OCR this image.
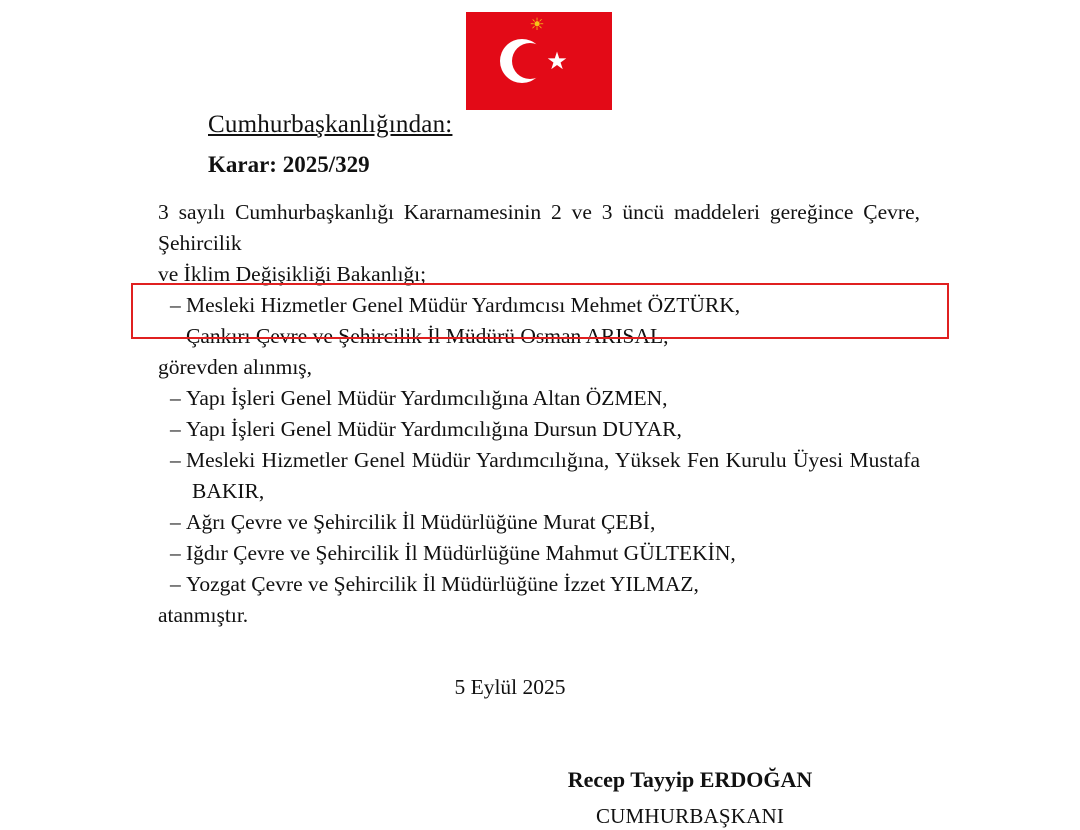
☀
★
Cumhurbaşkanlığından:
Karar: 2025/329

3 sayılı Cumhurbaşkanlığı Kararnamesinin 2 ve 3 üncü maddeleri gereğince Çevre, Şehircilik

ve İklim Değişikliği Bakanlığı;

– Mesleki Hizmetler Genel Müdür Yardımcısı Mehmet ÖZTÜRK,

– Çankırı Çevre ve Şehircilik İl Müdürü Osman ARISAL,

görevden alınmış,

– Yapı İşleri Genel Müdür Yardımcılığına Altan ÖZMEN,

– Yapı İşleri Genel Müdür Yardımcılığına Dursun DUYAR,

– Mesleki Hizmetler Genel Müdür Yardımcılığına, Yüksek Fen Kurulu Üyesi Mustafa BAKIR,

– Ağrı Çevre ve Şehircilik İl Müdürlüğüne Murat ÇEBİ,

– Iğdır Çevre ve Şehircilik İl Müdürlüğüne Mahmut GÜLTEKİN,

– Yozgat Çevre ve Şehircilik İl Müdürlüğüne İzzet YILMAZ,

atanmıştır.

5 Eylül 2025
Recep Tayyip ERDOĞAN
CUMHURBAŞKANI
